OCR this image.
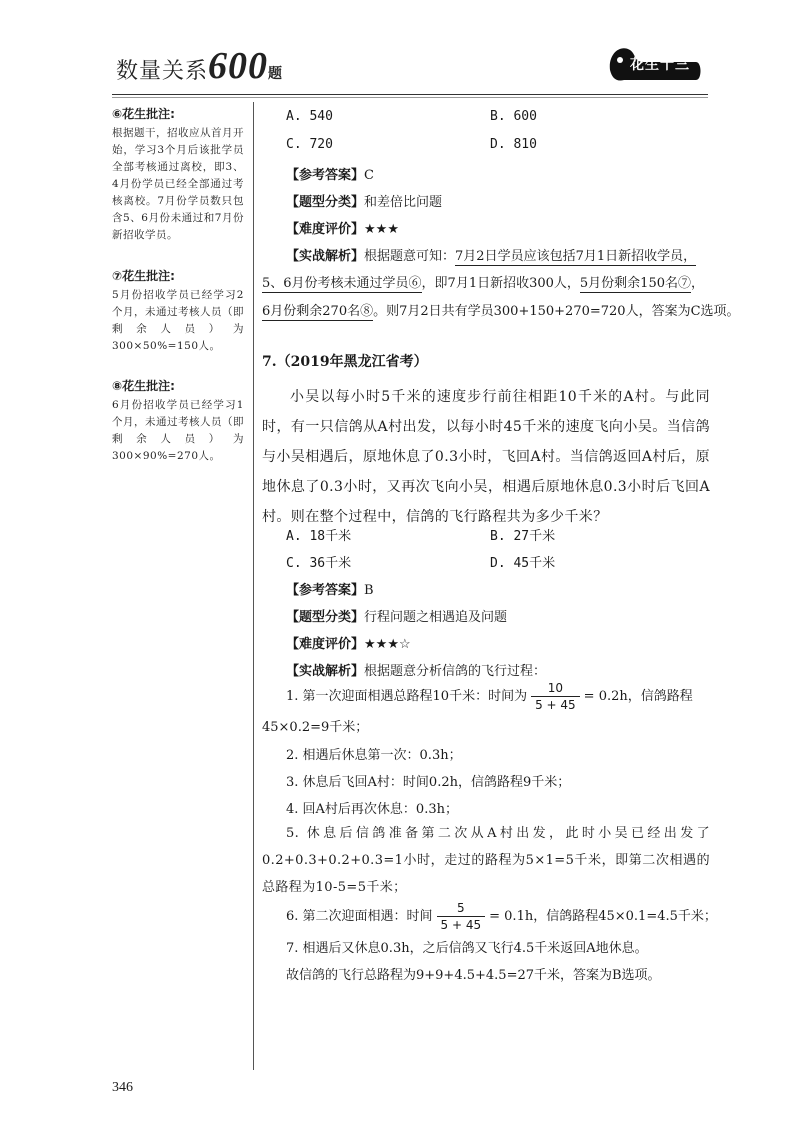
数量关系600题
花生十三
⑥花生批注:

根据题干，招收应从首月开始，学习3个月后该批学员全部考核通过离校，即3、4月份学员已经全部通过考核离校。7月份学员数只包含5、6月份未通过和7月份新招收学员。

⑦花生批注:

5月份招收学员已经学习2个月，未通过考核人员（即剩余人员）为300×50%=150人。

⑧花生批注:

6月份招收学员已经学习1个月，未通过考核人员（即剩余人员）为300×90%=270人。

A. 540	B. 600
C. 720	D. 810
【参考答案】C
【题型分类】和差倍比问题
【难度评价】★★★
【实战解析】根据题意可知：7月2日学员应该包括7月1日新招收学员，
5、6月份考核未通过学员⑥，即7月1日新招收300人，5月份剩余150名⑦，
6月份剩余270名⑧。则7月2日共有学员300+150+270=720人，答案为C选项。
7.（2019年黑龙江省考）
小吴以每小时5千米的速度步行前往相距10千米的A村。与此同时，有一只信鸽从A村出发，以每小时45千米的速度飞向小吴。当信鸽与小吴相遇后，原地休息了0.3小时，飞回A村。当信鸽返回A村后，原地休息了0.3小时，又再次飞向小吴，相遇后原地休息0.3小时后飞回A村。则在整个过程中，信鸽的飞行路程共为多少千米？
A. 18千米	B. 27千米
C. 36千米	D. 45千米
【参考答案】B
【题型分类】行程问题之相遇追及问题
【难度评价】★★★☆
【实战解析】根据题意分析信鸽的飞行过程：
1. 第一次迎面相遇总路程10千米：时间为 $\frac{10}{5 + 45} = 0.2h$，信鸽路程
45×0.2=9千米；
2. 相遇后休息第一次：0.3h；
3. 休息后飞回A村：时间0.2h，信鸽路程9千米；
4. 回A村后再次休息：0.3h；
5. 休息后信鸽准备第二次从A村出发，此时小吴已经出发了0.2+0.3+0.2+0.3=1小时，走过的路程为5×1=5千米，即第二次相遇的总路程为10-5=5千米；
6. 第二次迎面相遇：时间 $\frac{5}{5 + 45} = 0.1h$，信鸽路程45×0.1=4.5千米；
7. 相遇后又休息0.3h，之后信鸽又飞行4.5千米返回A地休息。
故信鸽的飞行总路程为9+9+4.5+4.5=27千米，答案为B选项。
346
